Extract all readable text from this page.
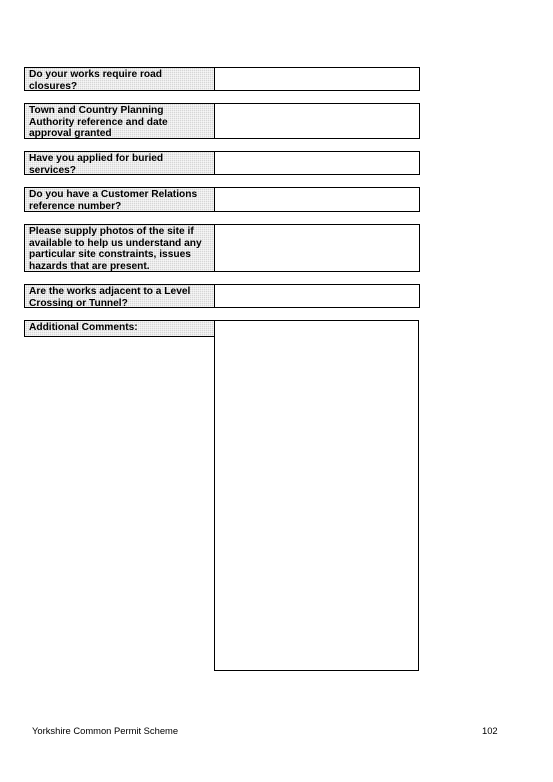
Do your works require road closures?
Town and Country Planning Authority reference and date approval granted
Have you applied for buried services?
Do you have a Customer Relations reference number?
Please supply photos of the site if available to help us understand any particular site constraints, issues hazards that are present.
Are the works adjacent to a Level Crossing or Tunnel?
Additional Comments:
Yorkshire Common Permit Scheme	102
